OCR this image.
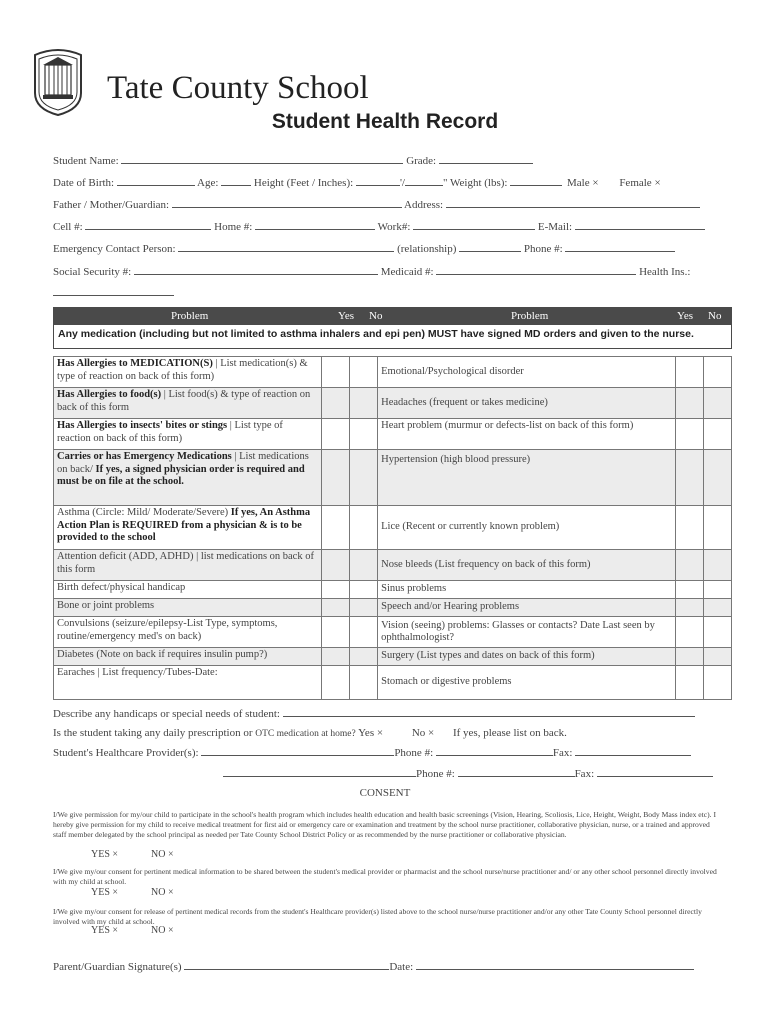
Tate County School
Student Health Record
Student Name:	Grade:
Date of Birth:	Age:	Height (Feet / Inches):	'/	" Weight (lbs):	Male × Female ×
Father / Mother/Guardian:	Address:
Cell #:	Home #:	Work#:	E-Mail:
Emergency Contact Person:	(relationship)	Phone #:
Social Security #:	Medicaid #:	Health Ins.:
Problem	Yes No	Problem	Yes No
Any medication (including but not limited to asthma inhalers and epi pen) MUST have signed MD orders and given to the nurse.
Has Allergies to MEDICATION(S) | List medication(s) & type of reaction on back of this form)			Emotional/Psychological disorder		
Has Allergies to food(s) | List food(s) & type of reaction on back of this form			Headaches (frequent or takes medicine)		
Has Allergies to insects' bites or stings | List type of reaction on back of this form)			Heart problem (murmur or defects-list on back of this form)		
Carries or has Emergency Medications | List medications on back/ If yes, a signed physician order is required and must be on file at the school.			Hypertension (high blood pressure)		
Asthma (Circle: Mild/ Moderate/Severe) If yes, An Asthma Action Plan is REQUIRED from a physician & is to be provided to the school			Lice (Recent or currently known problem)		
Attention deficit (ADD, ADHD) | list medications on back of this form			Nose bleeds (List frequency on back of this form)		
Birth defect/physical handicap			Sinus problems		
Bone or joint problems			Speech and/or Hearing problems		
Convulsions (seizure/epilepsy-List Type, symptoms, routine/emergency med's on back)			Vision (seeing) problems: Glasses or contacts? Date Last seen by ophthalmologist?		
Diabetes (Note on back if requires insulin pump?)			Surgery (List types and dates on back of this form)		
Earaches | List frequency/Tubes-Date:			Stomach or digestive problems		
Describe any handicaps or special needs of student:
Is the student taking any daily prescription or OTC medication at home? Yes ×	No × If yes, please list on back.
Student's Healthcare Provider(s):	Phone #:	Fax:
Phone #:	Fax:
CONSENT
I/We give permission for my/our child to participate in the school's health program which includes health education and health basic screenings (Vision, Hearing, Scoliosis, Lice, Height, Weight, Body Mass index etc). I hereby give permission for my child to receive medical treatment for first aid or emergency care or examination and treatment by the school nurse practitioner, collaborative physician, nurse, or a trained and approved staff member delegated by the school principal as needed per Tate County School District Policy or as recommended by the nurse practitioner or collaborative physician.
YES ×	NO ×
I/We give my/our consent for pertinent medical information to be shared between the student's medical provider or pharmacist and the school nurse/nurse practitioner and/ or any other school personnel directly involved with my child at school.
YES ×	NO ×
I/We give my/our consent for release of pertinent medical records from the student's Healthcare provider(s) listed above to the school nurse/nurse practitioner and/or any other Tate County School personnel directly involved with my child at school.
YES ×	NO ×
Parent/Guardian Signature(s)	Date:
